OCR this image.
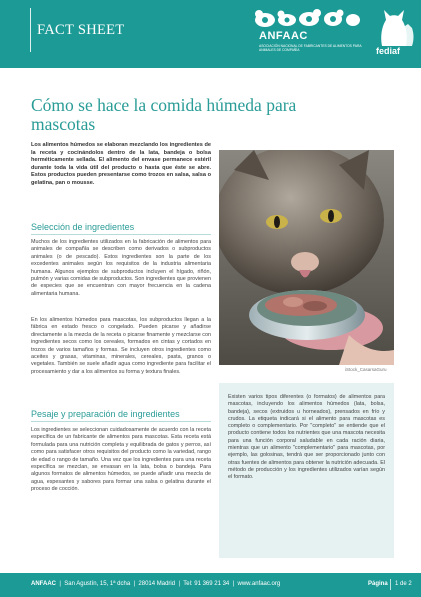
FACT SHEET	ANFAAC
ASOCIACIÓN NACIONAL DE FABRICANTES DE ALIMENTOS PARA ANIMALES DE COMPAÑÍA	fediaf
Cómo se hace la comida húmeda para mascotas
Los alimentos húmedos se elaboran mezclando los ingredientes de la receta y cocinándolos dentro de la lata, bandeja o bolsa herméticamente sellada. El alimento del envase permanece estéril durante toda la vida útil del producto o hasta que éste se abre. Estos productos pueden presentarse como trozos en salsa, salsa o gelatina, pan o mousse.
Selección de ingredientes
Muchos de los ingredientes utilizados en la fabricación de alimentos para animales de compañía se describen como derivados o subproductos animales (o de pescado). Estos ingredientes son la parte de los excedentes animales según los requisitos de la industria alimentaria humana. Algunos ejemplos de subproductos incluyen el hígado, riñón, pulmón y varias comidas de subproductos. Son ingredientes que provienen de especies que se encuentran con mayor frecuencia en la cadena alimentaria humana.
En los alimentos húmedos para mascotas, los subproductos llegan a la fábrica en estado fresco o congelado. Pueden picarse y añadirse directamente a la mezcla de la receta o picarse finamente y mezclarse con ingredientes secos como los cereales, formados en cintas y cortados en trozos de varios tamaños y formas. Se incluyen otros ingredientes como aceites y grasas, vitaminas, minerales, cereales, pasta, granos o vegetales. También se suele añadir agua como ingrediente para facilitar el procesamiento y dar a los alimentos su forma y textura finales.
Pesaje y preparación de ingredientes
Los ingredientes se seleccionan cuidadosamente de acuerdo con la receta específica de un fabricante de alimentos para mascotas. Esta receta está formulada para una nutrición completa y equilibrada de gatos y perros, así como para satisfacer otros requisitos del producto como la variedad, rango de edad o rango de tamaño. Una vez que los ingredientes para una receta específica se mezclan, se envasan en la lata, bolsa o bandeja. Para algunos formatos de alimentos húmedos, se puede añadir una mezcla de agua, espesantes y sabores para formar una salsa o gelatina durante el proceso de cocción.
iStock_CasarsaGuru
Existen varios tipos diferentes (o formatos) de alimentos para mascotas, incluyendo los alimentos húmedos (lata, bolsa, bandeja), secos (extruidos u horneados), prensados en frío y crudos. La etiqueta indicará si el alimento para mascotas es completo o complementario. Por "completo" se entiende que el producto contiene todos los nutrientes que una mascota necesita para una función corporal saludable en cada ración diaria, mientras que un alimento "complementario" para mascotas, por ejemplo, las golosinas, tendrá que ser proporcionado junto con otras fuentes de alimentos para obtener la nutrición adecuada. El método de producción y los ingredientes utilizados varían según el formato.
ANFAAC  |  San Agustín, 15, 1ª dcha  |  28014 Madrid  |  Tel: 91 369 21 34  |  www.anfaac.org	Página	1 de 2
